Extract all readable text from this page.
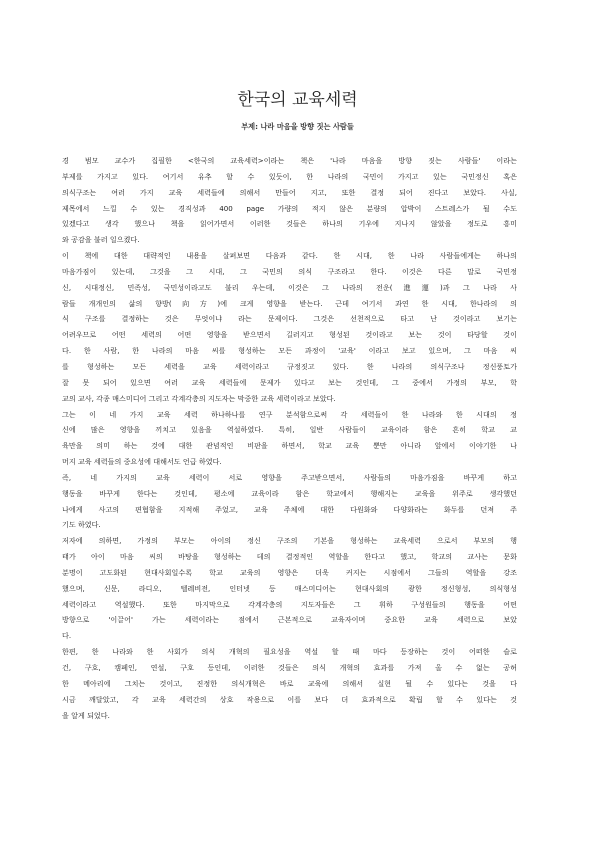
한국의 교육세력
부제: 나라 마음을 방향 짓는 사람들
경 범모 교수가 집필한 <한국의 교육세력>이라는 책은 '나라 마음을 방향 짓는 사람들' 이라는
부제를 가지고 있다. 여기서 유추 할 수 있듯이, 한 나라의 국민이 가지고 있는 국민정신 혹은
의식구조는 여러 가지 교육 세력들에 의해서 만들어 지고, 또한 결정 되어 진다고 보았다. 사실,
제목에서 느낄 수 있는 경직성과 400 page 가량의 적지 않은 분량의 압박이 스트레스가 될 수도
있겠다고 생각 했으나 책을 읽어가면서 이러한 것들은 하나의 기우에 지나지 않았을 정도로 흥미
와 공감을 불러 일으켰다.
이 책에 대한 대략적인 내용을 살펴보면 다음과 같다. 한 시대, 한 나라 사람들에게는 하나의
마음가짐이 있는데, 그것을 그 시대, 그 국민의 의식 구조라고 한다. 이것은 다른 말로 국민정
신, 시대정신, 민족성, 국민성이라고도 불리 우는데, 이것은 그 나라의 전운(進運)과 그 나라 사
람들 개개인의 삶의 향방(向方)에 크게 영향을 받는다. 근데 여기서 과연 한 시대, 한나라의 의
식 구조를 결정하는 것은 무엇이냐 라는 문제이다. 그것은 선천적으로 타고 난 것이라고 보기는
어려우므로 어떤 세력의 어떤 영향을 받으면서 길러지고 형성된 것이라고 보는 것이 타당할 것이
다. 한 사람, 한 나라의 마음 씨를 형성하는 모든 과정이 '교육' 이라고 보고 있으며, 그 마음 씨
를 형성하는 모든 세력을 교육 세력이라고 규정짓고 있다. 한 나라의 의식구조나 정신풍토가
잘 못 되어 있으면 여러 교육 세력들에 문제가 있다고 보는 것인데, 그 중에서 가정의 부모, 학
교의 교사, 각종 매스미디어 그리고 각계각층의 지도자는 막중한 교육 세력이라고 보았다.
그는 이 네 가지 교육 세력 하나하나를 연구 분석함으로써 각 세력들이 한 나라와 한 시대의 정
신에 많은 영향을 끼치고 있음을 역설하였다. 특히, 일반 사람들이 교육이라 함은 흔히 학교 교
육만을 의미 하는 것에 대한 관념적인 비판을 하면서, 학교 교육 뿐만 아니라 앞에서 이야기한 나
머지 교육 세력들의 중요성에 대해서도 언급 하였다.
즉, 네 가지의 교육 세력이 서로 영향을 주고받으면서, 사람들의 마음가짐을 바꾸게 하고
행동을 바꾸게 한다는 것인데, 평소에 교육이라 함은 학교에서 행해지는 교육을 위주로 생각했던
나에게 사고의 편협함을 지적해 주었고, 교육 주체에 대한 다원화와 다양화라는 화두를 던져 주
기도 하였다.
저자에 의하면, 가정의 부모는 아이의 정신 구조의 기본을 형성하는 교육세력 으로서 부모의 행
태가 아이 마음 씨의 바탕을 형성하는 데의 결정적인 역할을 한다고 했고, 학교의 교사는 문화
분명이 고도화된 현대사회일수록 학교 교육의 영향은 더욱 커지는 시점에서 그들의 역할을 강조
했으며, 신문, 라디오, 텔레비전, 인터넷 등 매스미디어는 현대사회의 광한 정신형성, 의식형성
세력이라고 역설했다. 또한 마지막으로 각계각층의 지도자들은 그 휘하 구성원들의 행동을 어떤
방향으로 '이끌어' 가는 세력이라는 점에서 근본적으로 교육자이며 중요한 교육 세력으로 보았
다.
한편, 한 나라와 한 사회가 의식 개혁의 필요성을 역설 할 때 마다 등장하는 것이 어떠한 슬로
건, 구호, 캠페인, 연설, 구호 등인데, 이러한 것들은 의식 개혁의 효과를 가져 올 수 없는 공허
한 메아리에 그치는 것이고, 진정한 의식개혁은 바로 교육에 의해서 실현 될 수 있다는 것을 다
시금 깨달았고, 각 교육 세력간의 상호 작용으로 이를 보다 더 효과적으로 확립 할 수 있다는 것
을 알게 되었다.
